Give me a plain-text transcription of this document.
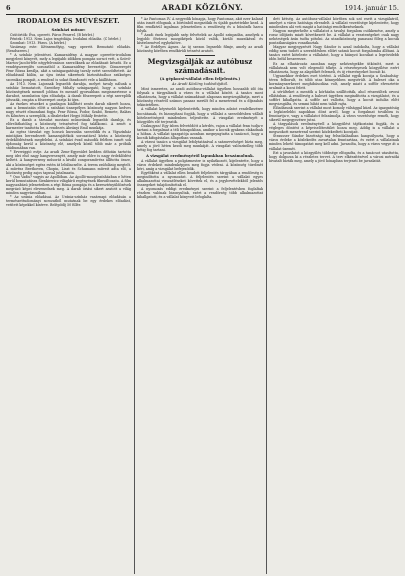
6	ARADI KÖZLÖNY.	1914. január 15.
IRODALOM ÉS MŰVÉSZET.
Színházi műsor:

Csütörtök: Éva, operett. Páros Fenrrel. (B bérlet.)

Péntek: 1913. Nem Lajos tragédiája. Irodalmi előadás. (C bérlet.)

Szombat: 1913. Páros. (A bérlet.)

Vasárnap este: Kétszemélyig, vagy operett. Bemutató előadás. (Rendszeres.)

* A színház jelentései. Kamaraidény. A magyar operette-irodalom megjelent könyvét, mely a legújabb időkben pompás sorsot vett, a Szövő-Martos-Jacobi-féle négyfelvonásos szerzőknek az előadásait készíti. Ez a vendégszereplés sorozatból a Kamaraidény bevezetője. Címszerepét Fenr Rózsa kreálja, akit a színigazgatóság tavaly ezért szerződtetett. Az előadásnál külön, az újra óriási sikerének biztosításához szükséges szcenikai pompát, a rendező is sokat fáradozott vele a kiállításon.

Az 1913. Nem Lajosnak legszebb darabja, melyet tavaly nálunk a színház bemutatott, Szenthey Mihály színigazgató, hogy a színház közönségének mennél jobban és mennél gyorsabban megismertesse a darabot, szombaton újra előadatja. A darab főszerepeit a régi szereplők játsszák, csupán a főszerepet osztja ki újra.

Az énekes részeket a gazdagon kiállított zenés darab sikerét hozza, ami a bemutatás előtt a színházi ünnepélyes közönség nagyon kedves nagy részét elmondani fogja. Fenr Rózsa, Fodor, Szabó, Remete, Balázs és Kőmíves a szereplők, a díszleteket Hegyi Mihály festette.

Ez a darab a társulat mostani műsorának legszebb darabja, és előreláthatólag a közönség tetszésével fog találkozni. A zenét a karmester tanította be, a rendezés Ábrányi Emil munkája.

Az egész társulat egy hosszú kurzusba szerződik és a Vígszínház mintájára berendezett kamarajátékok sorozatával kíván a közönség érdeklődésének megfelelni. A színházi évad második felében ismét sok újdonság kerül a közönség elé, amelyek közül több már a próbák stádiumában van.

* Erveriggió estje. Az aradi Zene-Egyesület kedden délután tartotta meg idei első nagy hangversenyét, amely már előre is nagy érdeklődést keltett. A hangverseny műsorát a kiváló zongoraművész állította össze, aki a közönséget egész estén át lebilincselte. A terem zsúfolásig megtelt. A művész Beethoven, Chopin, Liszt és Schumann műveit adta elő, a közönség pedig zajos tapssal jutalmazta.

* Quo Vadis? vagyis az Apollóban. Az Apolló-mozgószínházban e héten kerül bemutatásra Sienkiewicz világhírű regényének filmváltozata. A film nagyszabású jeleneteiben a régi Róma pompája és a keresztényüldözések megrázó képei elevenednek meg. A darab óriási sikert aratott a világ minden nagyvárosában.

* Az uránia előadásai. Az Uránia-színház vasárnapi előadásán a természettudományi sorozatból mutatnak be egy érdekes előadást, vetített képekkel kísérve. Belépődíj 50 fillér.

* Az Pantomas IV. A negyedik hónapja, hogy Pantomas, akit ezer kaland után ismét elfognak, a börtönből megszökik és újabb gaztettekbe kezd. A film rendkívül izgalmas jeleneteiben a rendőrség és a bűnözők harca folyik.

* Aradi ének legújabb szép felvételek az Apolló színpadán, amelyek a legjobb fővárosi mozgóképek közül valók, kiváló muzsikával és kísérőzenével egybekötve.

* Az Erdélyes Ágnes. Az új szezon legszebb filmje, amely az aradi közönség körében rendkívüli tetszést aratott.

Megvizsgálják az autóbusz számadásait.
(A gépkocsi-vállalat ellen feljelentés.)
Az Aradi Közlöny tudósítójától.

Mint ismeretes, az aradi autóbusz-vállalat ügyében hosszabb idő óta folynak a tárgyalások a város és a vállalat között. A tanács most elhatározta, hogy a vállalat számadásait alaposan megvizsgáltatja, mert a közönség részéről számos panasz merült fel a menetrend és a díjszabás tekintetében.

A vállalat képviselői kijelentették, hogy minden adatot rendelkezésre bocsátanak, és bizonyítani fogják, hogy a vállalat a szerződésben vállalt kötelezettségeit mindenben teljesítette. A vizsgálat eredményét a közgyűlés elé terjesztik.

Csakugyan! Egy ízben felvetődött a kérdés, vajon a vállalat fenn tudja-e tartani a forgalmat a téli hónapokban, amikor a kocsik gyakran elakadnak a hóban. A vállalat igazgatója azonban megnyugtatta a tanácsot, hogy a kocsik kifogástalan állapotban vannak.

A városi tanács a vizsgálat lefolytatásával a számvevőséget bízta meg, amely a jövő héten kezdi meg munkáját. A vizsgálat valószínűleg több hétig fog tartani.

A vizsgálat eredményéről lapunkban beszámolunk.

A vállalat ügyében a polgármester is nyilatkozott, kijelentette, hogy a város érdekeit mindenképpen meg fogja védeni. A közönség türelmét kéri, amíg a vizsgálat befejeződik.

Egyébként a vállalat ellen beadott feljelentés tárgyában a rendőrség is megindította a nyomozást. A feljelentés szerint a vállalat egyes alkalmazottai visszaéléseket követtek el, és a jegybevételekből jelentős összegeket tulajdonítottak el.

A nyomozás eddigi eredményei szerint a feljelentésben foglaltak részben valónak bizonyultak, ezért a rendőrség több alkalmazottat kihallgatott, és a vállalat könyveit lefoglalta.

dett kétség. Az autóbusz-vállalat körében sok szó esett a vizsgálatról, amelyet a város hatósága elrendelt. A vállalat vezetősége kijelentette, hogy mindenben alá veti magát a hatósági rendelkezéseknek.

Nagyon megterhelte a vállalatot a tavalyi forgalom csökkenése, amely a rossz időjárás miatt következett be. A vállalat a veszteségeket csak nagy nehézségek árán tudta pótolni. Az utazóközönség panaszai főleg a kocsik pontatlanságára vonatkoztak.

Magyar megjegyzését Nagy Sándor is azzal indokolta, hogy a vállalat eddig nem tudott a szerződésben előírt számú kocsit forgalomba állítani. A tanács ezért kötelezte a vállalatot, hogy a hiányzó kocsikat a legrövidebb időn belül beszerezze.

Ez az elhatározás azonban nagy nehézségekbe ütközött, mert a vállalatnak nem volt elegendő tőkéje. A részvényesek közgyűlése ezért elhatározta, hogy az alaptőkét felemeli, és új részvényeket bocsát ki.

Ugyanekkor érdekes eset történt. A vállalat egyik kocsija a Szabadság-téren felborult, és több utas könnyebben megsérült. A baleset oka a kormányszerkezet meghibásodása volt, amely miatt a soffőr elvesztette uralmát a kocsi felett.

A sérülteket a mentők a kórházba szállították, ahol részesültek orvosi ellátásban. A rendőrség a baleset ügyében megindította a vizsgálatot, és a soffőrt kihallgatta. A soffőr azt vallotta, hogy a kocsit indulás előtt megvizsgálta, és semmi hibát nem talált rajta.

Előadásunk szerint a vállalat most komoly válsággal küzd. Az igazgatóság a legközelebbi napokban dönt arról, hogy a forgalmat továbbra is fenntartja-e, vagy a vállalatot felszámolja. A város vezetősége reméli, hogy sikerül megegyezésre jutni.

A tárgyalások eredményéről a közgyűlést tájékoztatni fogják, és a végleges döntést a képviselőtestület hozza meg. Addig is a vállalat a megszokott menetrend szerint közlekedteti kocsijait.

Strausser Sándor bizottsági tag felszólalásában hangsúlyozta, hogy a város érdeke a közlekedés zavartalan fenntartása, és ezért a vállalatnak minden lehető támogatást meg kell adni. Javasolta, hogy a város vegye át a vállalat üzemét.

Ezt a javaslatot a közgyűlés többsége elfogadta, és a tanácsot utasította, hogy dolgozza ki a részletes tervet. A terv elkészítésével a városi mérnöki hivatalt bízták meg, amely a jövő hónapban terjeszti be javaslatát.
